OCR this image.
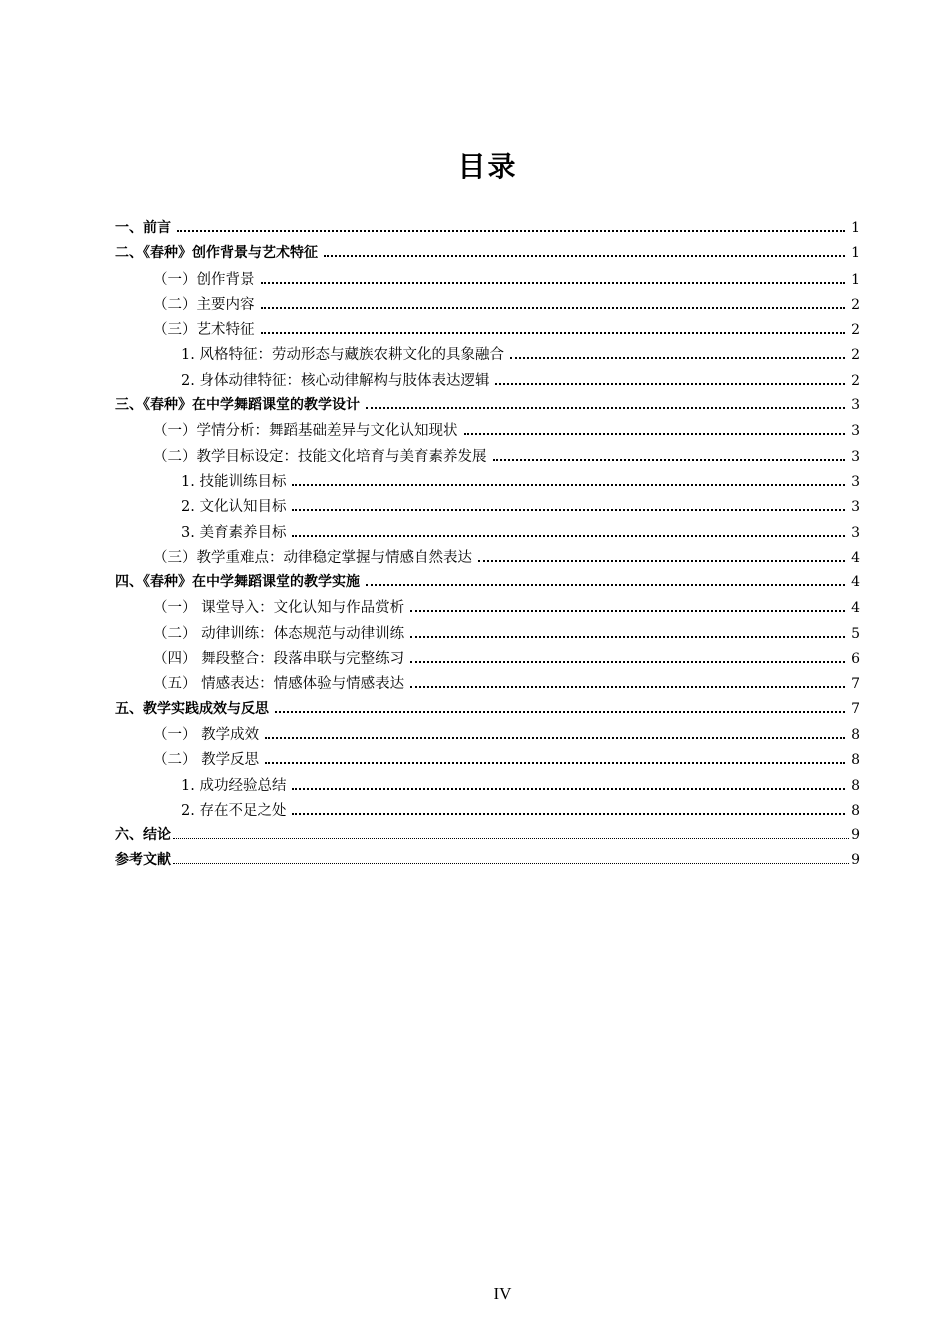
目录
一、前言	1
二、《春种》创作背景与艺术特征	1
（一）创作背景	1
（二）主要内容	2
（三）艺术特征	2
1. 风格特征：劳动形态与藏族农耕文化的具象融合	2
2. 身体动律特征：核心动律解构与肢体表达逻辑	2
三、《春种》在中学舞蹈课堂的教学设计	3
（一）学情分析：舞蹈基础差异与文化认知现状	3
（二）教学目标设定：技能文化培育与美育素养发展	3
1. 技能训练目标	3
2. 文化认知目标	3
3. 美育素养目标	3
（三）教学重难点：动律稳定掌握与情感自然表达	4
四、《春种》在中学舞蹈课堂的教学实施	4
（一） 课堂导入：文化认知与作品赏析	4
（二） 动律训练：体态规范与动律训练	5
（四） 舞段整合：段落串联与完整练习	6
（五） 情感表达：情感体验与情感表达	7
五、教学实践成效与反思	7
（一） 教学成效	8
（二） 教学反思	8
1. 成功经验总结	8
2. 存在不足之处	8
六、结论	9
参考文献	9
IV
